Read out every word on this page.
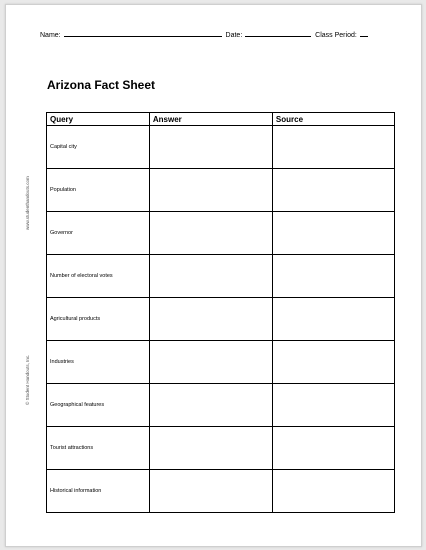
Name:	Date:	Class Period:
Arizona Fact Sheet
www.studenthandouts.com
© Student Handouts, Inc.
Query	Answer	Source
Capital city		
Population		
Governor		
Number of electoral votes		
Agricultural products		
Industries		
Geographical features		
Tourist attractions		
Historical information		
